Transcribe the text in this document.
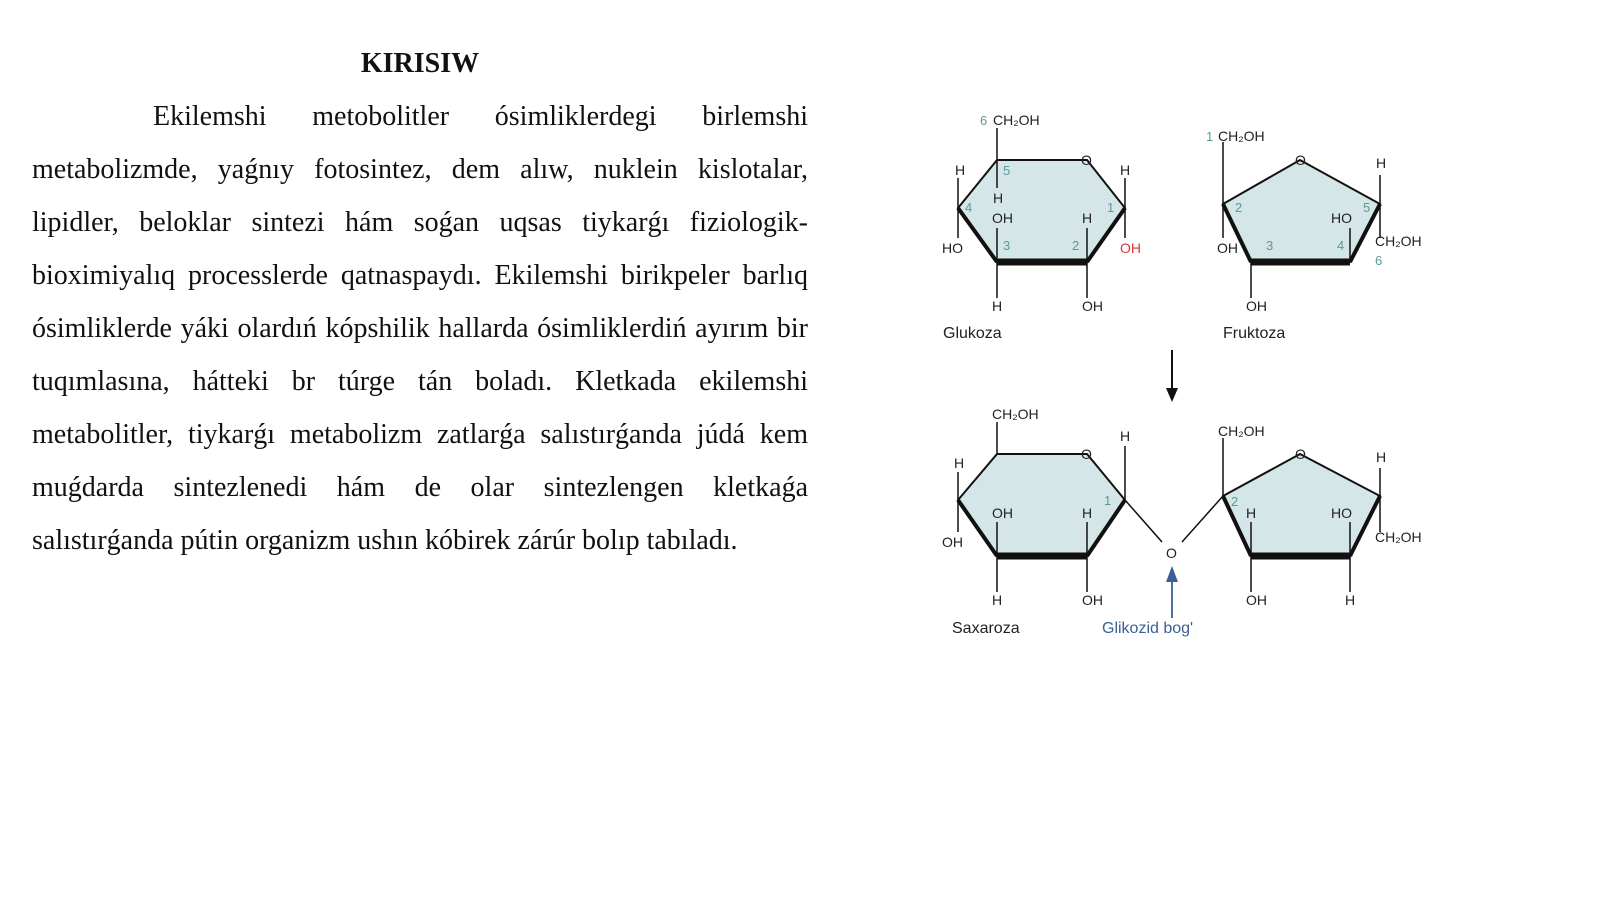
KIRISIW

Ekilemshi metobolitler ósimliklerdegi birlemshi metabolizmde, yaǵnıy fotosintez, dem alıw, nuklein kislotalar, lipidler, beloklar sintezi hám soǵan uqsas tiykarǵı fiziologik-bioximiyalıq processlerde qatnaspaydı. Ekilemshi birikpeler barlıq ósimliklerde yáki olardıń kópshilik hallarda ósimliklerdiń ayırım bir tuqımlasına, hátteki br túrge tán boladı. Kletkada ekilemshi metabolitler, tiykarǵı metabolizm zatlarǵa salıstırǵanda júdá kem muǵdarda sintezlenedi hám de olar sintezlengen kletkaǵa salıstırǵanda pútin organizm ushın kóbirek zárúr bolıp tabıladı.

6 CH₂OH
O
H	H
H
OH	H
HO	OH
H	OH
5
4
3	2
1
Glukoza
1 CH₂OH
O	H
HO
CH₂OH
6
OH
OH
2
3	4
5
Fruktoza
O
CH₂OH
O
H
H
OH	H
OH
H	OH
1
CH₂OH
O	H
H	HO
CH₂OH
OH	H
2
Saxaroza	Glikozid bog'
